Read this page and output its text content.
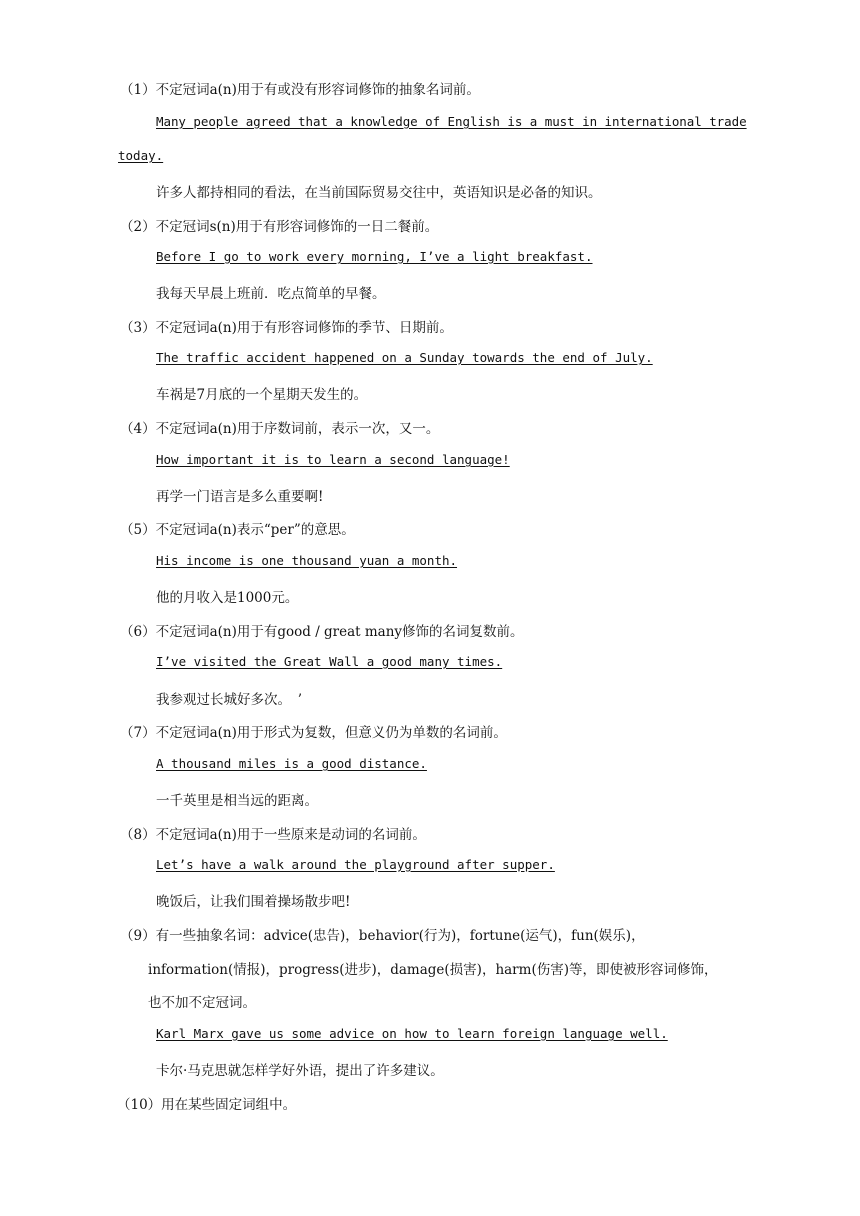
（1）不定冠词a(n)用于有或没有形容词修饰的抽象名词前。
Many people agreed that a knowledge of English is a must in international trade
today.
许多人都持相同的看法，在当前国际贸易交往中，英语知识是必备的知识。
（2）不定冠词s(n)用于有形容词修饰的一日二餐前。
Before I go to work every morning, I’ve a light breakfast.
我每天早晨上班前．吃点简单的早餐。
（3）不定冠词a(n)用于有形容词修饰的季节、日期前。
The traffic accident happened on a Sunday towards the end of July.
车祸是7月底的一个星期天发生的。
（4）不定冠词a(n)用于序数词前，表示一次，又一。
How important it is to learn a second language!
再学一门语言是多么重要啊!
（5）不定冠词a(n)表示“per”的意思。
His income is one thousand yuan a month.
他的月收入是1000元。
（6）不定冠词a(n)用于有good / great many修饰的名词复数前。
I’ve visited the Great Wall a good many times.
我参观过长城好多次。　’
（7）不定冠词a(n)用于形式为复数，但意义仍为单数的名词前。
A thousand miles is a good distance.
一千英里是相当远的距离。
（8）不定冠词a(n)用于一些原来是动词的名词前。
Let’s have a walk around the playground after supper.
晚饭后，让我们围着操场散步吧!
（9）有一些抽象名词：advice(忠告)，behavior(行为)，fortune(运气)，fun(娱乐)，
information(情报)，progress(进步)，damage(损害)，harm(伤害)等，即使被形容词修饰，
也不加不定冠词。
Karl Marx gave us some advice on how to learn foreign language well.
卡尔·马克思就怎样学好外语，提出了许多建议。
（10）用在某些固定词组中。
